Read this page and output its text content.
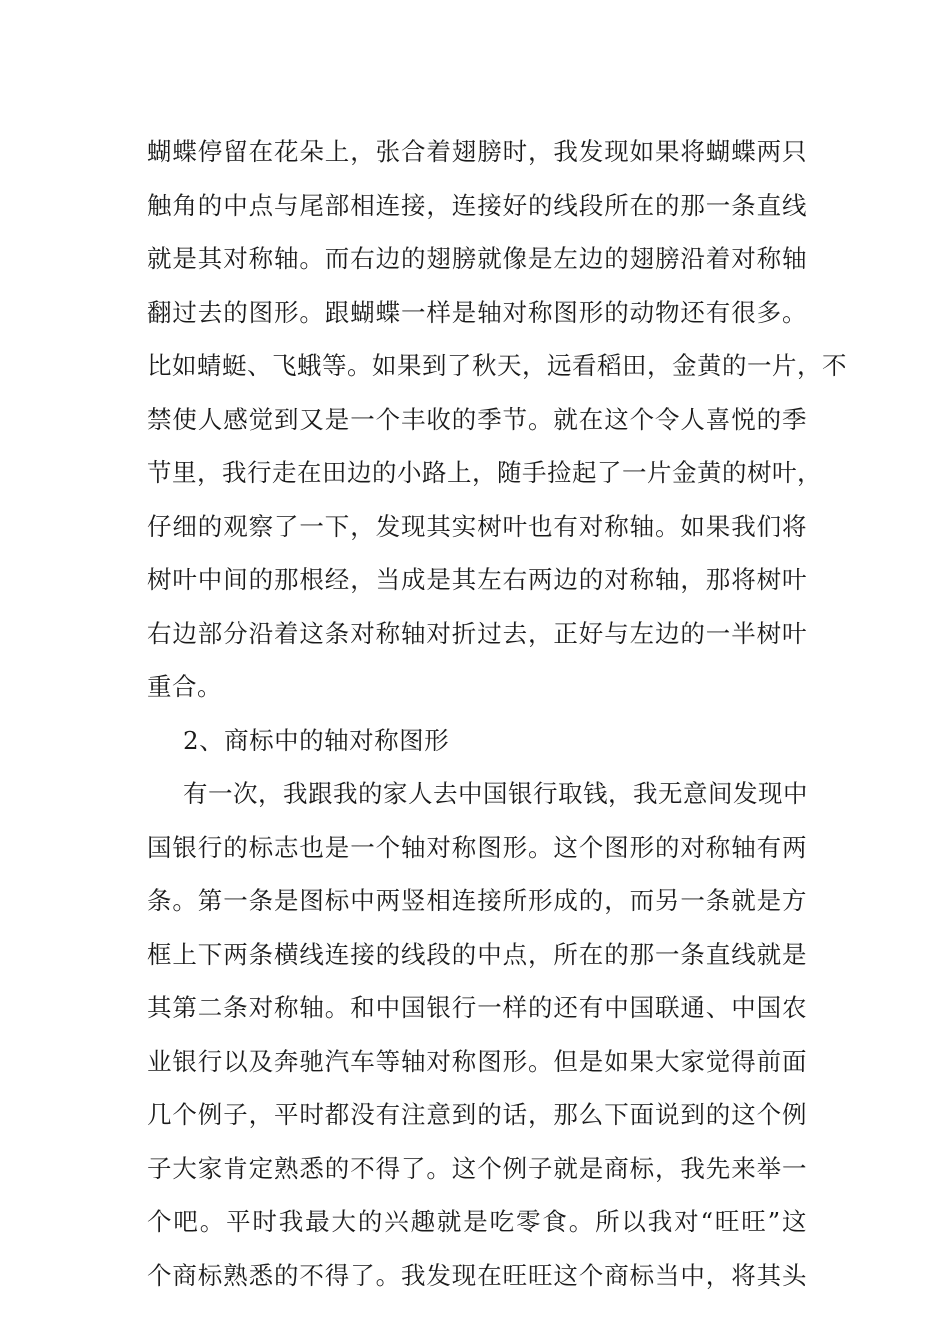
蝴蝶停留在花朵上，张合着翅膀时，我发现如果将蝴蝶两只
触角的中点与尾部相连接，连接好的线段所在的那一条直线
就是其对称轴。而右边的翅膀就像是左边的翅膀沿着对称轴
翻过去的图形。跟蝴蝶一样是轴对称图形的动物还有很多。
比如蜻蜓、飞蛾等。如果到了秋天，远看稻田，金黄的一片，不
禁使人感觉到又是一个丰收的季节。就在这个令人喜悦的季
节里，我行走在田边的小路上，随手捡起了一片金黄的树叶，
仔细的观察了一下，发现其实树叶也有对称轴。如果我们将
树叶中间的那根经，当成是其左右两边的对称轴，那将树叶
右边部分沿着这条对称轴对折过去，正好与左边的一半树叶
重合。
2、商标中的轴对称图形
有一次，我跟我的家人去中国银行取钱，我无意间发现中
国银行的标志也是一个轴对称图形。这个图形的对称轴有两
条。第一条是图标中两竖相连接所形成的，而另一条就是方
框上下两条横线连接的线段的中点，所在的那一条直线就是
其第二条对称轴。和中国银行一样的还有中国联通、中国农
业银行以及奔驰汽车等轴对称图形。但是如果大家觉得前面
几个例子，平时都没有注意到的话，那么下面说到的这个例
子大家肯定熟悉的不得了。这个例子就是商标，我先来举一
个吧。平时我最大的兴趣就是吃零食。所以我对“旺旺”这
个商标熟悉的不得了。我发现在旺旺这个商标当中，将其头
